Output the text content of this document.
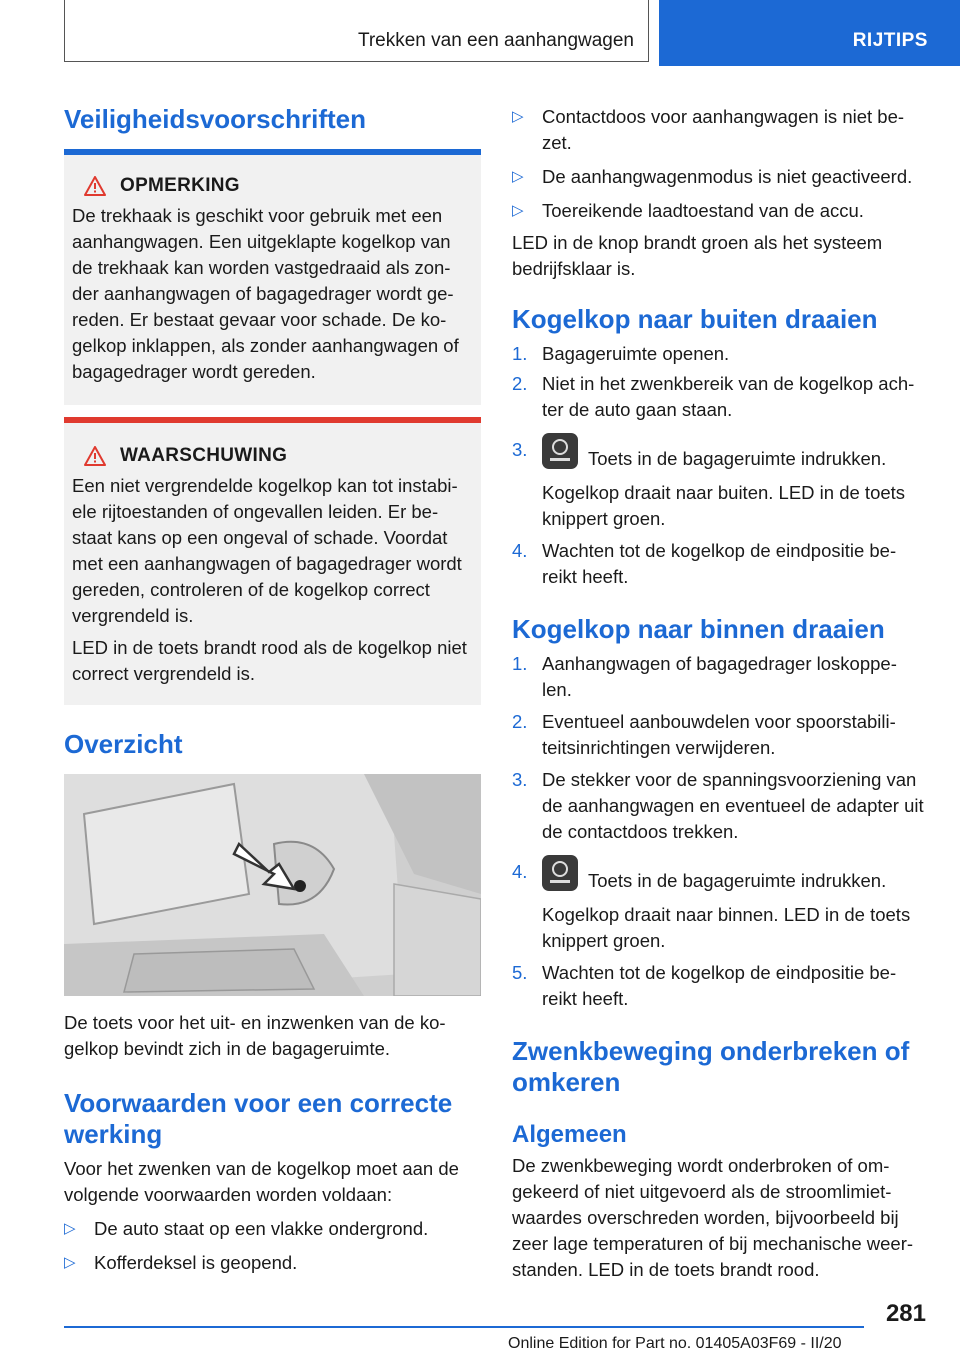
Trekken van een aanhangwagen	RIJTIPS
Veiligheidsvoorschriften
OPMERKING

De trekhaak is geschikt voor gebruik met een aanhangwagen. Een uitgeklapte kogelkop van de trekhaak kan worden vastgedraaid als zon‐der aanhangwagen of bagagedrager wordt ge‐reden. Er bestaat gevaar voor schade. De ko‐gelkop inklappen, als zonder aanhangwagen of bagagedrager wordt gereden.

WAARSCHUWING

Een niet vergrendelde kogelkop kan tot instabi‐ele rijtoestanden of ongevallen leiden. Er be‐staat kans op een ongeval of schade. Voordat met een aanhangwagen of bagagedrager wordt gereden, controleren of de kogelkop correct vergrendeld is.

LED in de toets brandt rood als de kogelkop niet correct vergrendeld is.

Overzicht

De toets voor het uit- en inzwenken van de ko‐gelkop bevindt zich in de bagageruimte.

Voorwaarden voor een correcte werking

Voor het zwenken van de kogelkop moet aan de volgende voorwaarden worden voldaan:

▷ De auto staat op een vlakke ondergrond.
▷ Kofferdeksel is geopend.
▷ Contactdoos voor aanhangwagen is niet be‐zet.
▷ De aanhangwagenmodus is niet geactiveerd.
▷ Toereikende laadtoestand van de accu.

LED in de knop brandt groen als het systeem bedrijfsklaar is.

Kogelkop naar buiten draaien
1. Bagageruimte openen.
2. Niet in het zwenkbereik van de kogelkop ach‐ter de auto gaan staan.
3.	Toets in de bagageruimte indrukken.
Kogelkop draait naar buiten. LED in de toets knippert groen.
4. Wachten tot de kogelkop de eindpositie be‐reikt heeft.
Kogelkop naar binnen draaien
1. Aanhangwagen of bagagedrager loskoppe‐len.
2. Eventueel aanbouwdelen voor spoorstabili‐teitsinrichtingen verwijderen.
3. De stekker voor de spanningsvoorziening van de aanhangwagen en eventueel de adapter uit de contactdoos trekken.
4.	Toets in de bagageruimte indrukken.
Kogelkop draait naar binnen. LED in de toets knippert groen.
5. Wachten tot de kogelkop de eindpositie be‐reikt heeft.
Zwenkbeweging onderbreken of omkeren
Algemeen

De zwenkbeweging wordt onderbroken of om‐gekeerd of niet uitgevoerd als de stroomlimiet‐waardes overschreden worden, bijvoorbeeld bij zeer lage temperaturen of bij mechanische weer‐standen. LED in de toets brandt rood.

281
Online Edition for Part no. 01405A03F69 - II/20
